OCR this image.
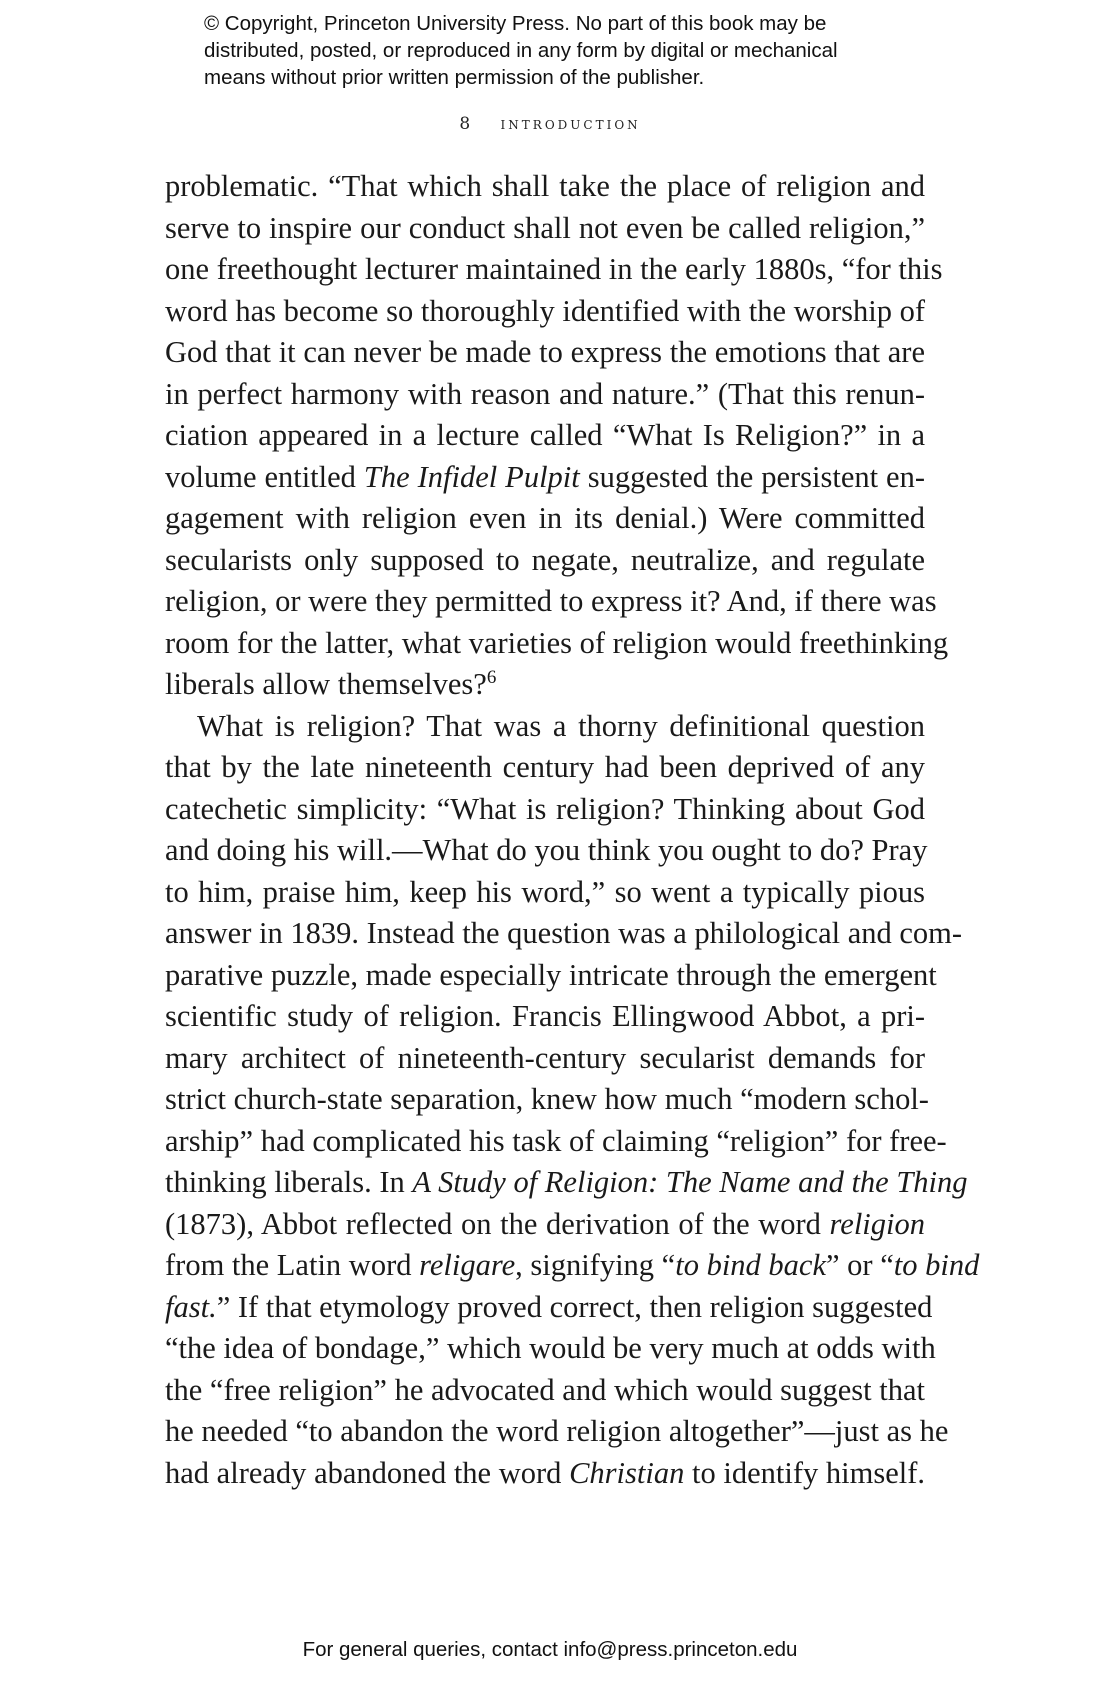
© Copyright, Princeton University Press. No part of this book may be
distributed, posted, or reproduced in any form by digital or mechanical
means without prior written permission of the publisher.
8 introduction
problematic. “That which shall take the place of religion and
serve to inspire our conduct shall not even be called religion,”
one freethought lecturer maintained in the early 1880s, “for this
word has become so thoroughly identified with the worship of
God that it can never be made to express the emotions that are
in perfect harmony with reason and nature.” (That this renun-
ciation appeared in a lecture called “What Is Religion?” in a
volume entitled The Infidel Pulpit suggested the persistent en-
gagement with religion even in its denial.) Were committed
secularists only supposed to negate, neutralize, and regulate
religion, or were they permitted to express it? And, if there was
room for the latter, what varieties of religion would freethinking
liberals allow themselves?$^6$
What is religion? That was a thorny definitional question
that by the late nineteenth century had been deprived of any
catechetic simplicity: “What is religion? Thinking about God
and doing his will.—What do you think you ought to do? Pray
to him, praise him, keep his word,” so went a typically pious
answer in 1839. Instead the question was a philological and com-
parative puzzle, made especially intricate through the emergent
scientific study of religion. Francis Ellingwood Abbot, a pri-
mary architect of nineteenth-century secularist demands for
strict church-state separation, knew how much “modern schol-
arship” had complicated his task of claiming “religion” for free-
thinking liberals. In A Study of Religion: The Name and the Thing
(1873), Abbot reflected on the derivation of the word religion
from the Latin word religare, signifying “to bind back” or “to bind
fast.” If that etymology proved correct, then religion suggested
“the idea of bondage,” which would be very much at odds with
the “free religion” he advocated and which would suggest that
he needed “to abandon the word religion altogether”—just as he
had already abandoned the word Christian to identify himself.
For general queries, contact info@press.princeton.edu
